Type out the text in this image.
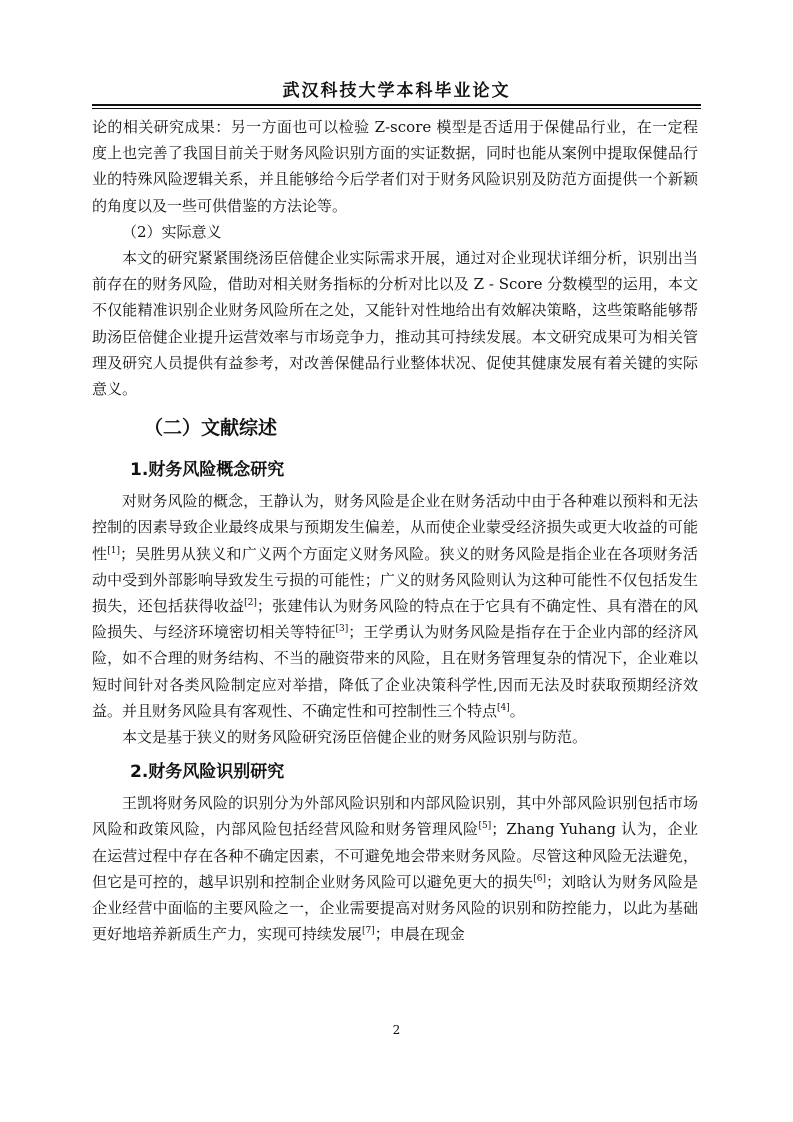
武汉科技大学本科毕业论文

论的相关研究成果：另一方面也可以检验 Z-score 模型是否适用于保健品行业，在一定程度上也完善了我国目前关于财务风险识别方面的实证数据，同时也能从案例中提取保健品行业的特殊风险逻辑关系，并且能够给今后学者们对于财务风险识别及防范方面提供一个新颖的角度以及一些可供借鉴的方法论等。

（2）实际意义

本文的研究紧紧围绕汤臣倍健企业实际需求开展，通过对企业现状详细分析，识别出当前存在的财务风险，借助对相关财务指标的分析对比以及 Z - Score 分数模型的运用，本文不仅能精准识别企业财务风险所在之处，又能针对性地给出有效解决策略，这些策略能够帮助汤臣倍健企业提升运营效率与市场竞争力，推动其可持续发展。本文研究成果可为相关管理及研究人员提供有益参考，对改善保健品行业整体状况、促使其健康发展有着关键的实际意义。

（二）文献综述
1.财务风险概念研究

对财务风险的概念，王静认为，财务风险是企业在财务活动中由于各种难以预料和无法控制的因素导致企业最终成果与预期发生偏差，从而使企业蒙受经济损失或更大收益的可能性[1]；吴胜男从狭义和广义两个方面定义财务风险。狭义的财务风险是指企业在各项财务活动中受到外部影响导致发生亏损的可能性；广义的财务风险则认为这种可能性不仅包括发生损失，还包括获得收益[2]；张建伟认为财务风险的特点在于它具有不确定性、具有潜在的风险损失、与经济环境密切相关等特征[3]；王学勇认为财务风险是指存在于企业内部的经济风险，如不合理的财务结构、不当的融资带来的风险，且在财务管理复杂的情况下，企业难以短时间针对各类风险制定应对举措，降低了企业决策科学性,因而无法及时获取预期经济效益。并且财务风险具有客观性、不确定性和可控制性三个特点[4]。

本文是基于狭义的财务风险研究汤臣倍健企业的财务风险识别与防范。

2.财务风险识别研究

王凯将财务风险的识别分为外部风险识别和内部风险识别，其中外部风险识别包括市场风险和政策风险，内部风险包括经营风险和财务管理风险[5]；Zhang Yuhang 认为，企业在运营过程中存在各种不确定因素，不可避免地会带来财务风险。尽管这种风险无法避免，但它是可控的，越早识别和控制企业财务风险可以避免更大的损失[6]；刘晗认为财务风险是企业经营中面临的主要风险之一，企业需要提高对财务风险的识别和防控能力，以此为基础更好地培养新质生产力，实现可持续发展[7]；申晨在现金

2
